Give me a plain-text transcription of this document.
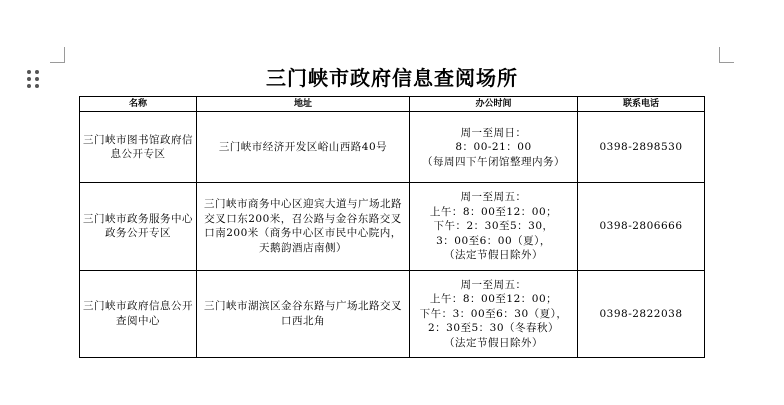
三门峡市政府信息查阅场所
名称	地址	办公时间	联系电话
三门峡市图书馆政府信息公开专区	三门峡市经济开发区峪山西路40号	周一至周日：
8：00-21：00
（每周四下午闭馆整理内务）	0398-2898530
三门峡市政务服务中心政务公开专区	三门峡市商务中心区迎宾大道与广场北路交叉口东200米，召公路与金谷东路交叉口南200米（商务中心区市民中心院内，天鹅韵酒店南侧）	周一至周五：
上午：8：00至12：00；
下午：2：30至5：30，
3：00至6：00（夏），
（法定节假日除外）	0398-2806666
三门峡市政府信息公开查阅中心	三门峡市湖滨区金谷东路与广场北路交叉口西北角	周一至周五：
上午：8：00至12：00；
下午：3：00至6：30（夏），
2：30至5：30（冬春秋）
（法定节假日除外）	0398-2822038
